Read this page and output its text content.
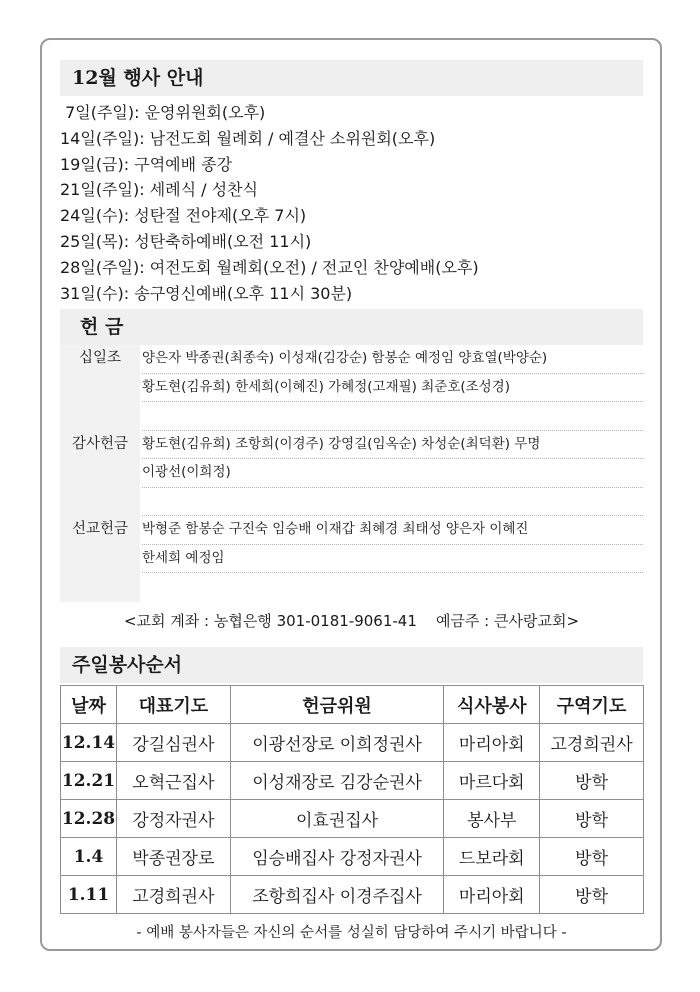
12월 행사 안내
7일(주일): 운영위원회(오후)
14일(주일): 남전도회 월례회 / 예결산 소위원회(오후)
19일(금): 구역예배 종강
21일(주일): 세례식 / 성찬식
24일(수): 성탄절 전야제(오후 7시)
25일(목): 성탄축하예배(오전 11시)
28일(주일): 여전도회 월례회(오전) / 전교인 찬양예배(오후)
31일(수): 송구영신예배(오후 11시 30분)
헌 금
십일조	양은자 박종권(최종숙) 이성재(김강순) 함봉순 예정임 양효열(박양순)
황도현(김유희) 한세희(이혜진) 가혜정(고재필) 최준호(조성경)
감사헌금	황도현(김유희) 조항희(이경주) 강영길(임옥순) 차성순(최덕환) 무명
이광선(이희정)
선교헌금	박형준 함봉순 구진숙 임승배 이재갑 최혜경 최태성 양은자 이혜진
한세희 예정임
<교회 계좌 : 농협은행 301-0181-9061-41    예금주 : 큰사랑교회>
주일봉사순서
날짜	대표기도	헌금위원	식사봉사	구역기도
12.14	강길심권사	이광선장로 이희정권사	마리아회	고경희권사
12.21	오혁근집사	이성재장로 김강순권사	마르다회	방학
12.28	강정자권사	이효권집사	봉사부	방학
1.4	박종권장로	임승배집사 강정자권사	드보라회	방학
1.11	고경희권사	조항희집사 이경주집사	마리아회	방학
- 예배 봉사자들은 자신의 순서를 성실히 담당하여 주시기 바랍니다 -
